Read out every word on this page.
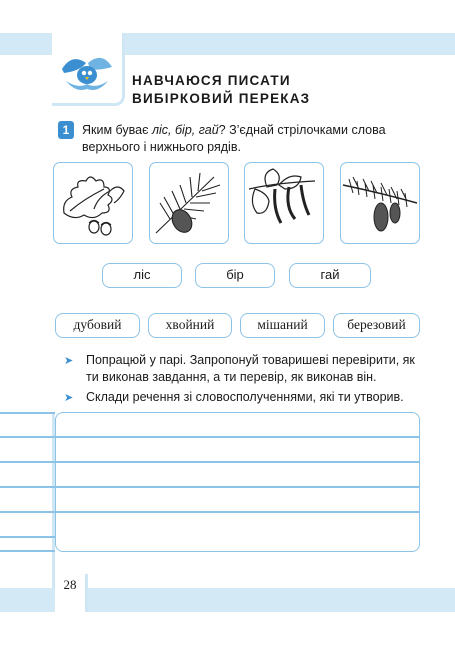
НАВЧАЮСЯ ПИСАТИ
ВИБІРКОВИЙ ПЕРЕКАЗ
1	Яким буває ліс, бір, гай? З’єднай стрілочками слова верхнього і нижнього рядів.
ліс	бір	гай
дубовий	хвойний	мішаний	березовий
➤ Попрацюй у парі. Запропонуй товаришеві перевірити, як ти виконав завдання, а ти перевір, як виконав він.
➤ Склади речення зі словосполученнями, які ти утворив.
28
